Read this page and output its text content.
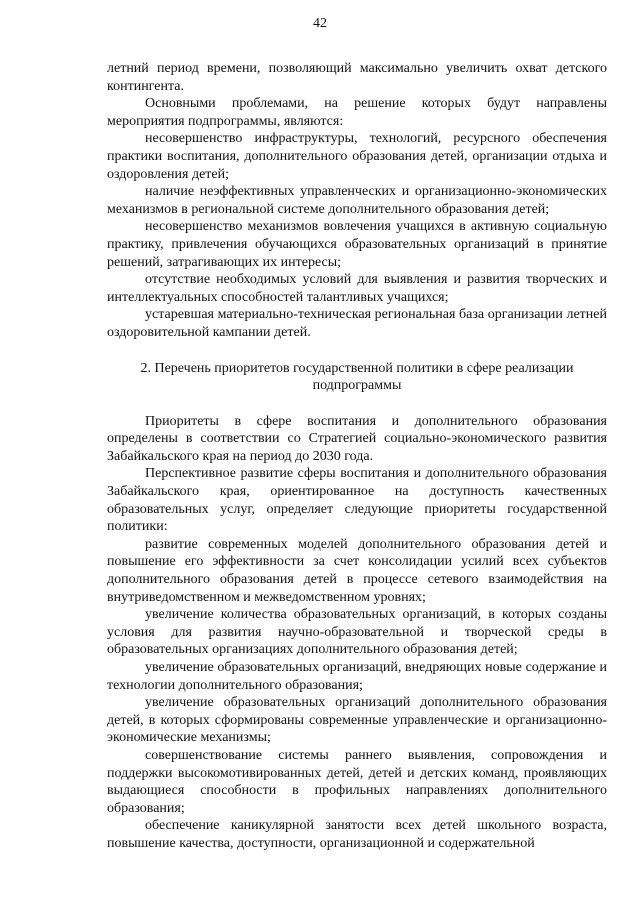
42

летний период времени, позволяющий максимально увеличить охват детского контингента.

Основными проблемами, на решение которых будут направлены мероприятия подпрограммы, являются:

несовершенство инфраструктуры, технологий, ресурсного обеспечения практики воспитания, дополнительного образования детей, организации отдыха и оздоровления детей;

наличие неэффективных управленческих и организационно-экономических механизмов в региональной системе дополнительного образования детей;

несовершенство механизмов вовлечения учащихся в активную социальную практику, привлечения обучающихся образовательных организаций в принятие решений, затрагивающих их интересы;

отсутствие необходимых условий для выявления и развития творческих и интеллектуальных способностей талантливых учащихся;

устаревшая материально-техническая региональная база организации летней оздоровительной кампании детей.

2. Перечень приоритетов государственной политики в сфере реализации подпрограммы

Приоритеты в сфере воспитания и дополнительного образования определены в соответствии со Стратегией социально-экономического развития Забайкальского края на период до 2030 года.

Перспективное развитие сферы воспитания и дополнительного образования Забайкальского края, ориентированное на доступность качественных образовательных услуг, определяет следующие приоритеты государственной политики:

развитие современных моделей дополнительного образования детей и повышение его эффективности за счет консолидации усилий всех субъектов дополнительного образования детей в процессе сетевого взаимодействия на внутриведомственном и межведомственном уровнях;

увеличение количества образовательных организаций, в которых созданы условия для развития научно-образовательной и творческой среды в образовательных организациях дополнительного образования детей;

увеличение образовательных организаций, внедряющих новые содержание и технологии дополнительного образования;

увеличение образовательных организаций дополнительного образования детей, в которых сформированы современные управленческие и организационно-экономические механизмы;

совершенствование системы раннего выявления, сопровождения и поддержки высокомотивированных детей, детей и детских команд, проявляющих выдающиеся способности в профильных направлениях дополнительного образования;

обеспечение каникулярной занятости всех детей школьного возраста, повышение качества, доступности, организационной и содержательной
